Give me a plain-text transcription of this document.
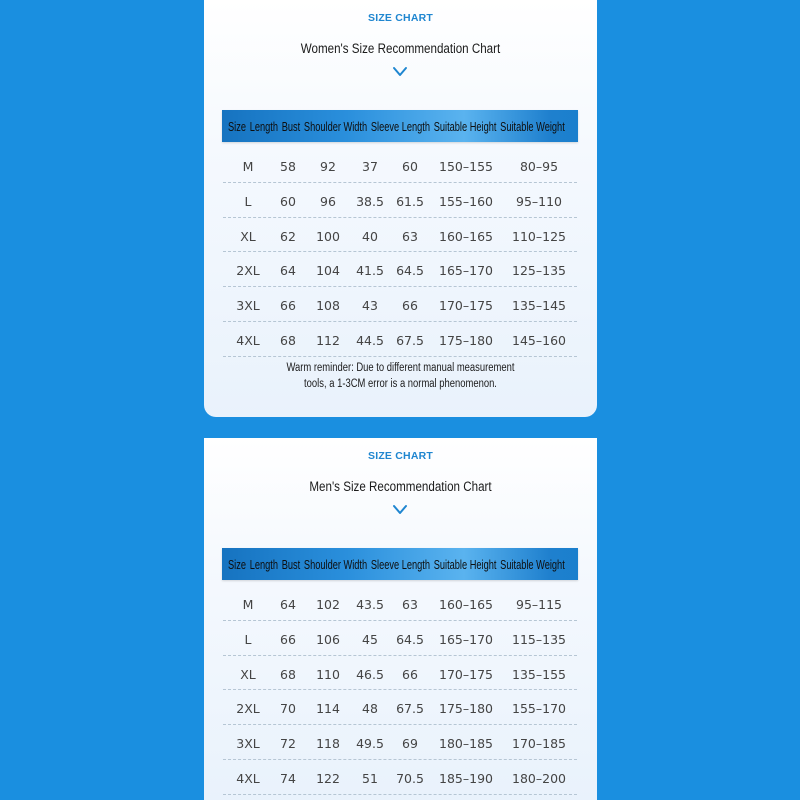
SIZE CHART
Women's Size Recommendation Chart
Size Length Bust Shoulder Width Sleeve Length Suitable Height Suitable Weight
M 58 92 37 60 150–155 80–95
L 60 96 38.5 61.5 155–160 95–110
XL 62 100 40 63 160–165 110–125
2XL 64 104 41.5 64.5 165–170 125–135
3XL 66 108 43 66 170–175 135–145
4XL 68 112 44.5 67.5 175–180 145–160
Warm reminder: Due to different manual measurement
tools, a 1-3CM error is a normal phenomenon.
SIZE CHART
Men's Size Recommendation Chart
Size Length Bust Shoulder Width Sleeve Length Suitable Height Suitable Weight
M 64 102 43.5 63 160–165 95–115
L 66 106 45 64.5 165–170 115–135
XL 68 110 46.5 66 170–175 135–155
2XL 70 114 48 67.5 175–180 155–170
3XL 72 118 49.5 69 180–185 170–185
4XL 74 122 51 70.5 185–190 180–200
